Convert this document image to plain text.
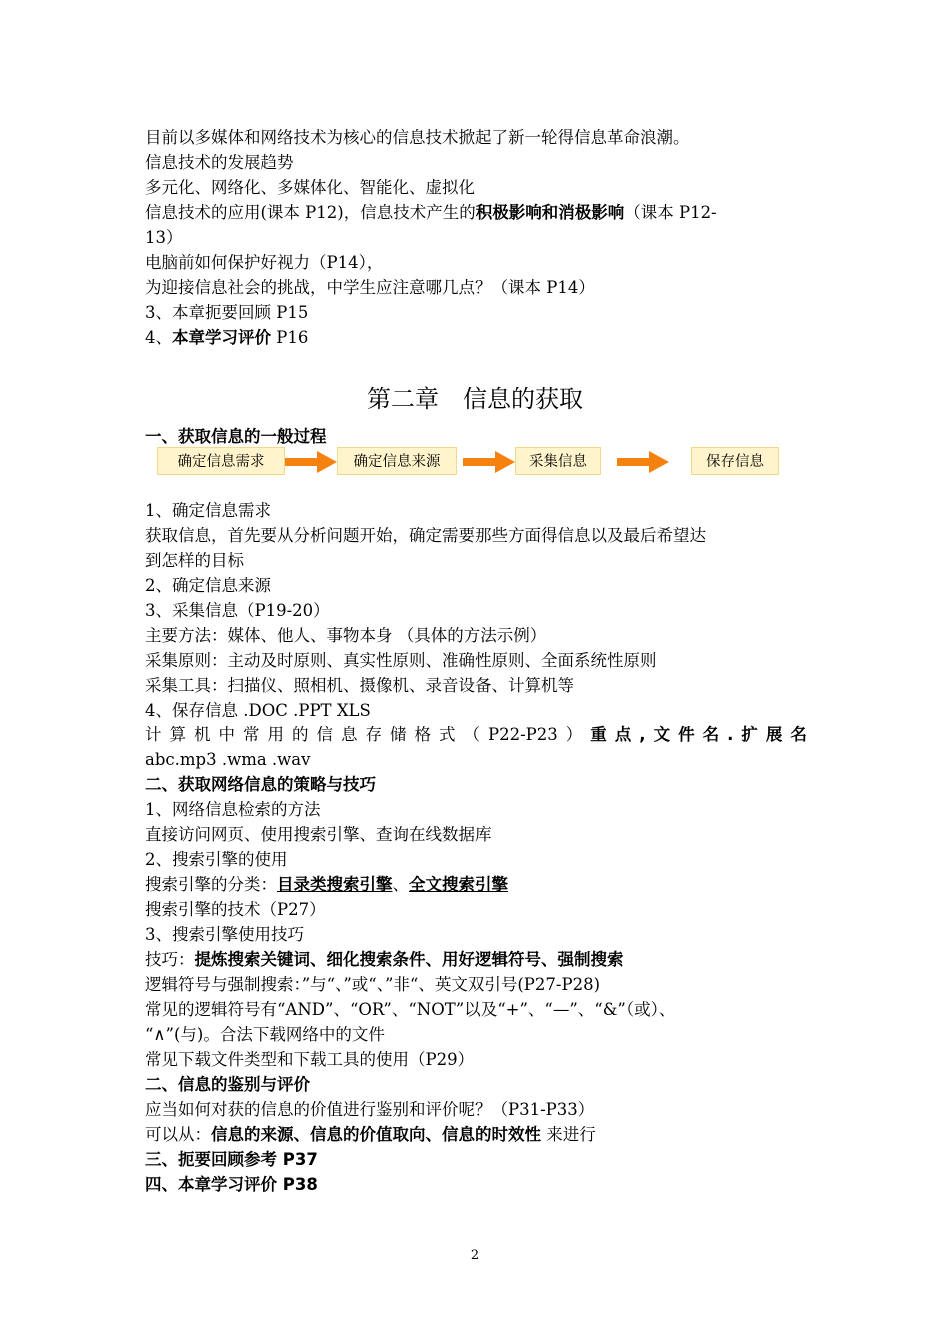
目前以多媒体和网络技术为核心的信息技术掀起了新一轮得信息革命浪潮。
信息技术的发展趋势
多元化、网络化、多媒体化、智能化、虚拟化
信息技术的应用(课本 P12)，信息技术产生的积极影响和消极影响（课本 P12-
13）
电脑前如何保护好视力（P14），
为迎接信息社会的挑战，中学生应注意哪几点？（课本 P14）
3、本章扼要回顾 P15
4、本章学习评价 P16
第二章　信息的获取
一、获取信息的一般过程
确定信息需求	确定信息来源	采集信息	保存信息
1、确定信息需求
获取信息，首先要从分析问题开始，确定需要那些方面得信息以及最后希望达
到怎样的目标
2、确定信息来源
3、采集信息（P19-20）
主要方法：媒体、他人、事物本身 （具体的方法示例）
采集原则：主动及时原则、真实性原则、准确性原则、全面系统性原则
采集工具：扫描仪、照相机、摄像机、录音设备、计算机等
4、保存信息 .DOC .PPT XLS
计 算 机 中 常 用 的 信 息 存 储 格 式 （ P22-P23 ） 重 点 , 文 件 名 . 扩 展 名
abc.mp3 .wma .wav
二、获取网络信息的策略与技巧
1、网络信息检索的方法
直接访问网页、使用搜索引擎、查询在线数据库
2、搜索引擎的使用
搜索引擎的分类：目录类搜索引擎、全文搜索引擎
搜索引擎的技术（P27）
3、搜索引擎使用技巧
技巧：提炼搜索关键词、细化搜索条件、用好逻辑符号、强制搜索
逻辑符号与强制搜索：”与“、”或“、”非“、英文双引号(P27-P28)
常见的逻辑符号有“AND”、“OR”、“NOT”以及“+”、“—”、“&”（或）、
“∧”(与)。合法下载网络中的文件
常见下载文件类型和下载工具的使用（P29）
二、信息的鉴别与评价
应当如何对获的信息的价值进行鉴别和评价呢？（P31-P33）
可以从：信息的来源、信息的价值取向、信息的时效性 来进行
三、扼要回顾参考 P37
四、本章学习评价 P38
2
